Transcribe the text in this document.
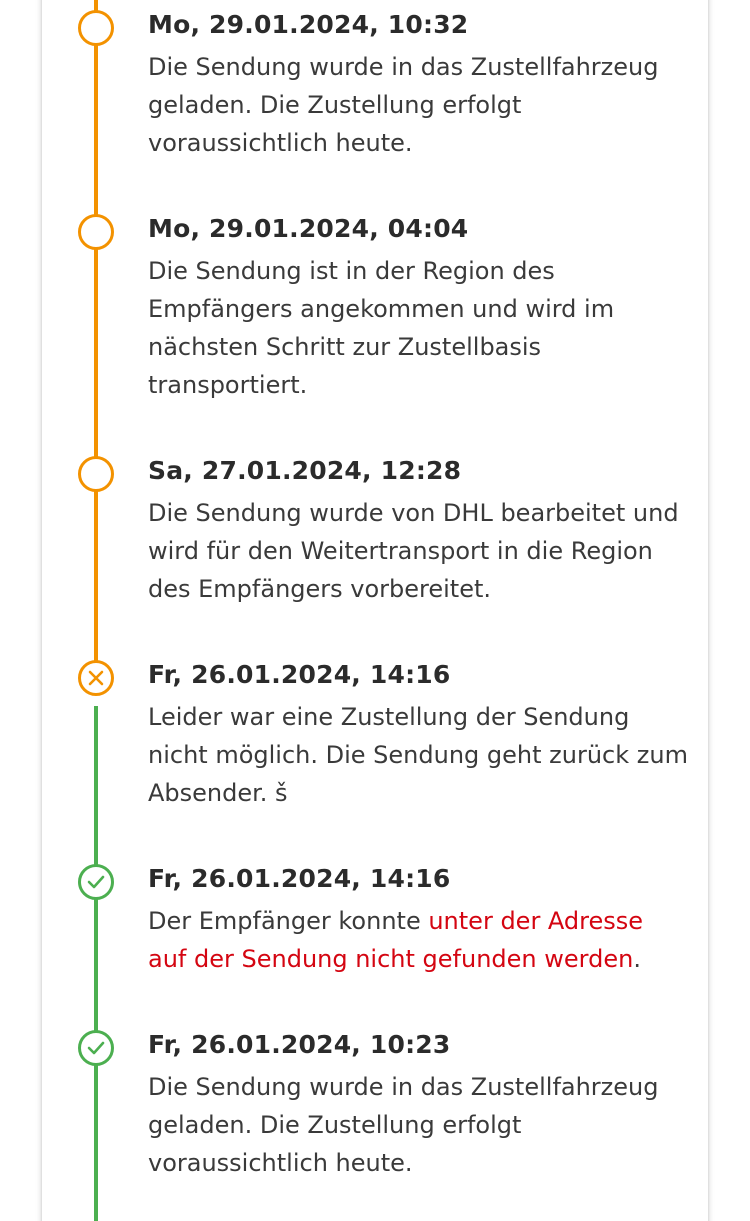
Mo, 29.01.2024, 10:32
Die Sendung wurde in das Zustellfahrzeug geladen. Die Zustellung erfolgt voraussichtlich heute.
Mo, 29.01.2024, 04:04
Die Sendung ist in der Region des Empfängers angekommen und wird im nächsten Schritt zur Zustellbasis transportiert.
Sa, 27.01.2024, 12:28
Die Sendung wurde von DHL bearbeitet und wird für den Weitertransport in die Region des Empfängers vorbereitet.
Fr, 26.01.2024, 14:16
Leider war eine Zustellung der Sendung nicht möglich. Die Sendung geht zurück zum Absender. š
Fr, 26.01.2024, 14:16
Der Empfänger konnte unter der Adresse auf der Sendung nicht gefunden werden.
Fr, 26.01.2024, 10:23
Die Sendung wurde in das Zustellfahrzeug geladen. Die Zustellung erfolgt voraussichtlich heute.
